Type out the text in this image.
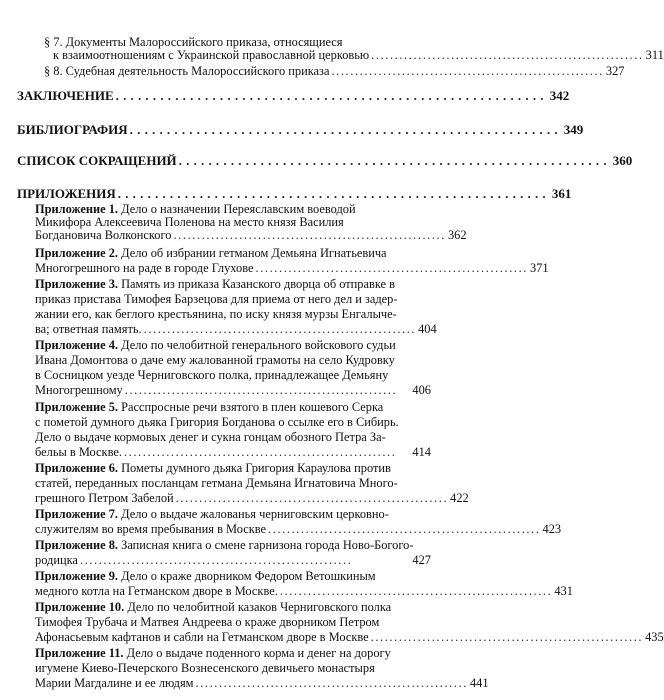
§ 7. Документы Малороссийского приказа, относящиеся
к взаимоотношениям с Украинской православной церковью .......................................................... 311
§ 8. Судебная деятельность Малороссийского приказа .......................................................... 327
ЗАКЛЮЧЕНИЕ .......................................................... 342
БИБЛИОГРАФИЯ .......................................................... 349
СПИСОК СОКРАЩЕНИЙ .......................................................... 360
ПРИЛОЖЕНИЯ .......................................................... 361
Приложение 1. Дело о назначении Переяславским воеводой
Микифора Алексеевича Поленова на место князя Василия
Богдановича Волконского .......................................................... 362
Приложение 2. Дело об избрании гетманом Демьяна Игнатьевича
Многогрешного на раде в городе Глухове .......................................................... 371
Приложение 3. Память из приказа Казанского дворца об отправке в
приказ пристава Тимофея Барзецова для приема от него дел и задер-
жании его, как беглого крестьянина, по иску князя мурзы Енгалыче-
ва; ответная память. .......................................................... 404
Приложение 4. Дело по челобитной генерального войскового судьи
Ивана Домонтова о даче ему жалованной грамоты на село Кудровку
в Сосницком уезде Черниговского полка, принадлежащее Демьяну
Многогрешному ..........................................................	406
Приложение 5. Расспросные речи взятого в плен кошевого Серка
с пометой думного дьяка Григория Богданова о ссылке его в Сибирь.
Дело о выдаче кормовых денег и сукна гонцам обозного Петра За-
бельы в Москве. ..........................................................	414
Приложение 6. Пометы думного дьяка Григория Караулова против
статей, переданных посланцам гетмана Демьяна Игнатовича Много-
грешного Петром Забелой .......................................................... 422
Приложение 7. Дело о выдаче жалованья черниговским церковно-
служителям во время пребывания в Москве .......................................................... 423
Приложение 8. Записная книга о смене гарнизона города Ново-Богого-
родицка ..........................................................	427
Приложение 9. Дело о краже дворником Федором Ветошкиным
медного котла на Гетманском дворе в Москве. .......................................................... 431
Приложение 10. Дело по челобитной казаков Черниговского полка
Тимофея Трубача и Матвея Андреева о краже дворником Петром
Афонасьевым кафтанов и сабли на Гетманском дворе в Москве .......................................................... 435
Приложение 11. Дело о выдаче поденного корма и денег на дорогу
игумене Киево-Печерского Вознесенского девичьего монастыря
Марии Магдалине и ее людям .......................................................... 441
